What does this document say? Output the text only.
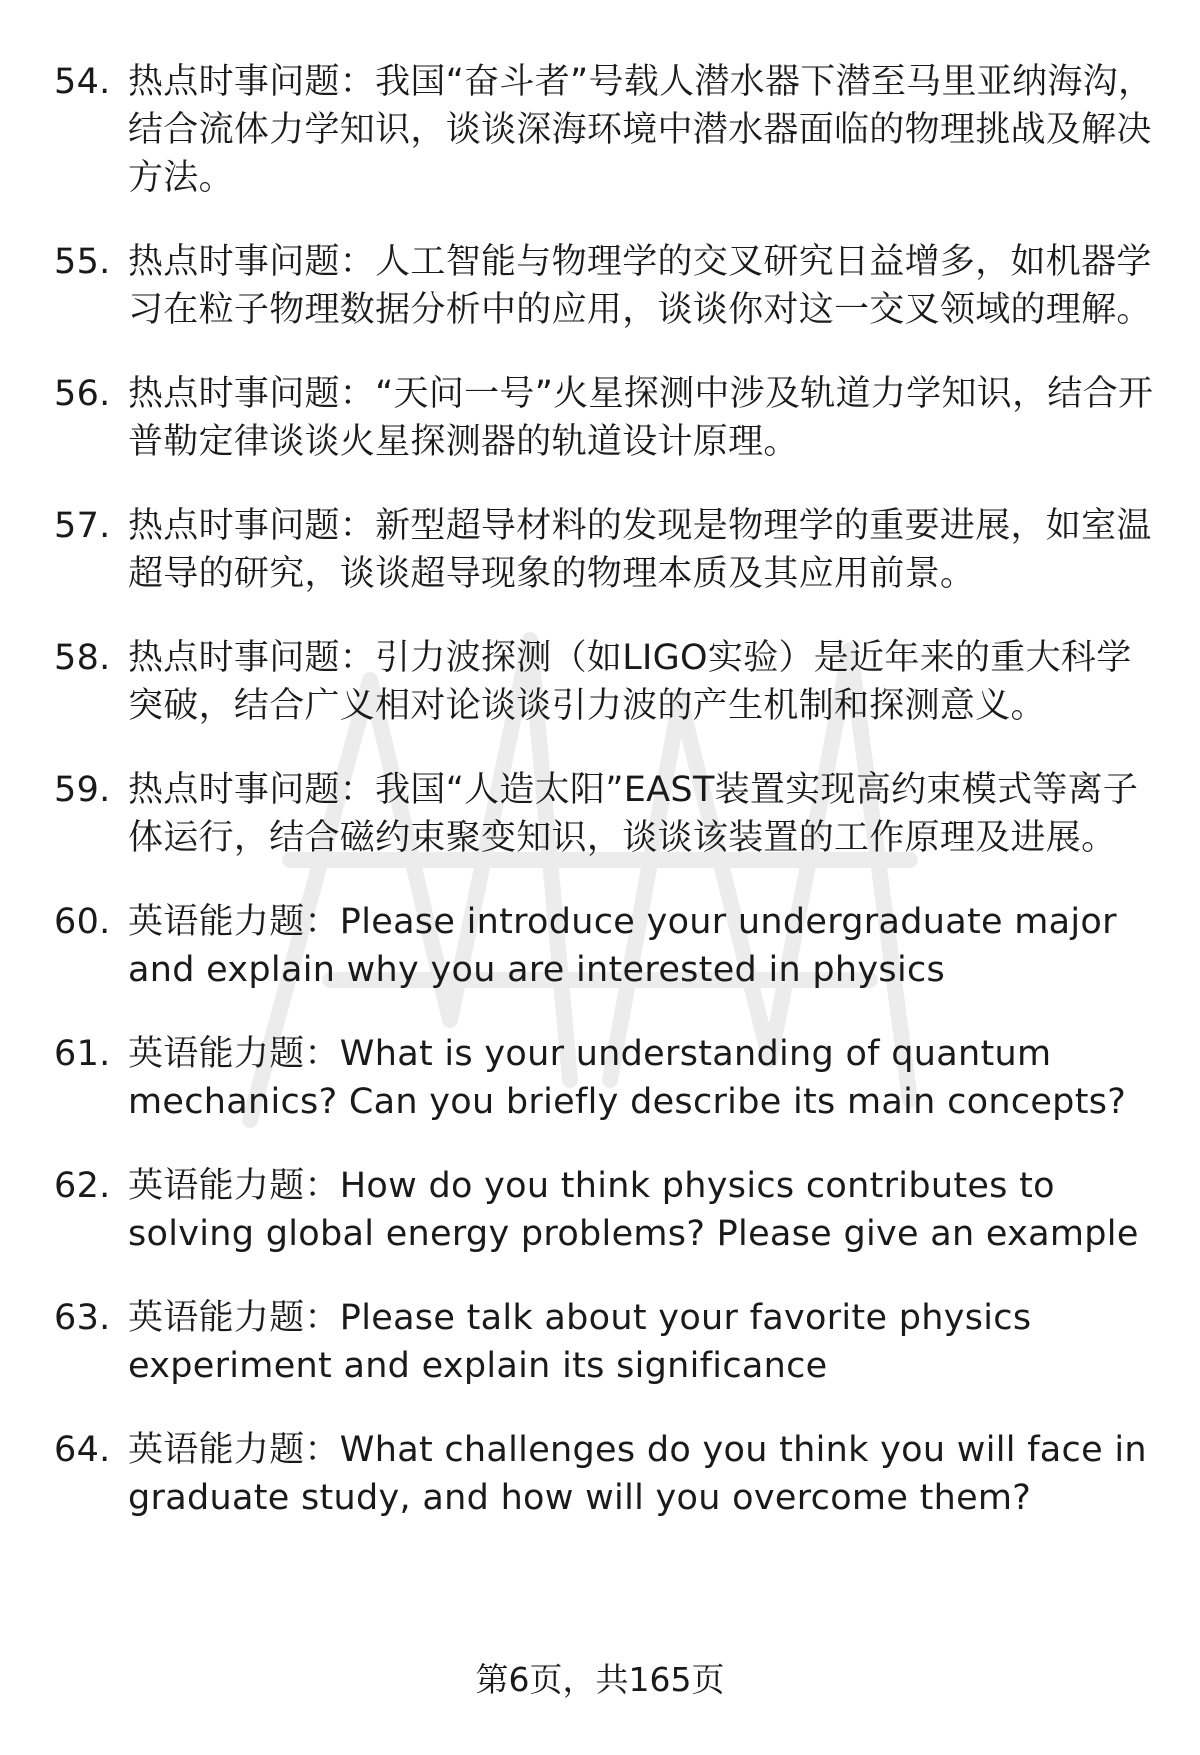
54. 热点时事问题：我国“奋斗者”号载人潜水器下潜至马里亚纳海沟，结合流体力学知识，谈谈深海环境中潜水器面临的物理挑战及解决方法。
55. 热点时事问题：人工智能与物理学的交叉研究日益增多，如机器学习在粒子物理数据分析中的应用，谈谈你对这一交叉领域的理解。
56. 热点时事问题：“天问一号”火星探测中涉及轨道力学知识，结合开普勒定律谈谈火星探测器的轨道设计原理。
57. 热点时事问题：新型超导材料的发现是物理学的重要进展，如室温超导的研究，谈谈超导现象的物理本质及其应用前景。
58. 热点时事问题：引力波探测（如LIGO实验）是近年来的重大科学突破，结合广义相对论谈谈引力波的产生机制和探测意义。
59. 热点时事问题：我国“人造太阳”EAST装置实现高约束模式等离子体运行，结合磁约束聚变知识，谈谈该装置的工作原理及进展。
60. 英语能力题：Please introduce your undergraduate major and explain why you are interested in physics
61. 英语能力题：What is your understanding of quantum mechanics? Can you briefly describe its main concepts?
62. 英语能力题：How do you think physics contributes to solving global energy problems? Please give an example
63. 英语能力题：Please talk about your favorite physics experiment and explain its significance
64. 英语能力题：What challenges do you think you will face in graduate study, and how will you overcome them?
第6页，共165页
